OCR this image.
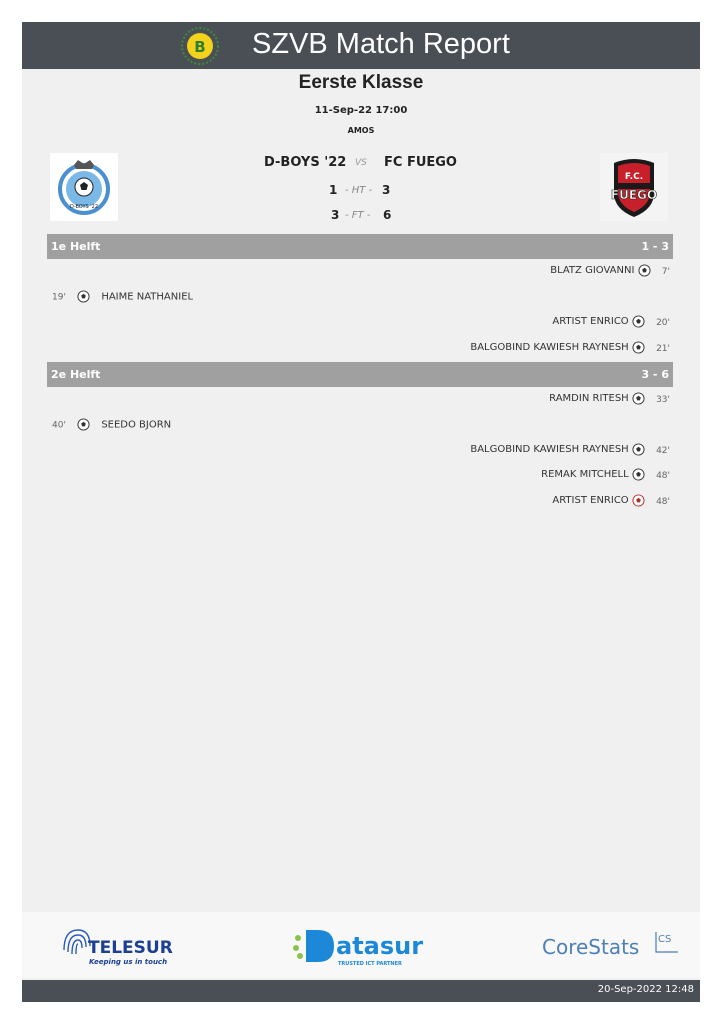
B SZVB Match Report
Eerste Klasse
11-Sep-22 17:00
AMOS
D-BOYS '22
F.C.
FUEGO
D-BOYS '22 VS FC FUEGO
1 - HT - 3
3 - FT - 6
1e Helft	1 - 3
BLATZ GIOVANNI	7'
19'	HAIME NATHANIEL
ARTIST ENRICO	20'
BALGOBIND KAWIESH RAYNESH	21'
2e Helft	3 - 6
RAMDIN RITESH	33'
40'	SEEDO BJORN
BALGOBIND KAWIESH RAYNESH	42'
REMAK MITCHELL	48'
ARTIST ENRICO	48'
TELESUR
Keeping us in touch
atasur
TRUSTED ICT PARTNER
CoreStats CS
20-Sep-2022 12:48
